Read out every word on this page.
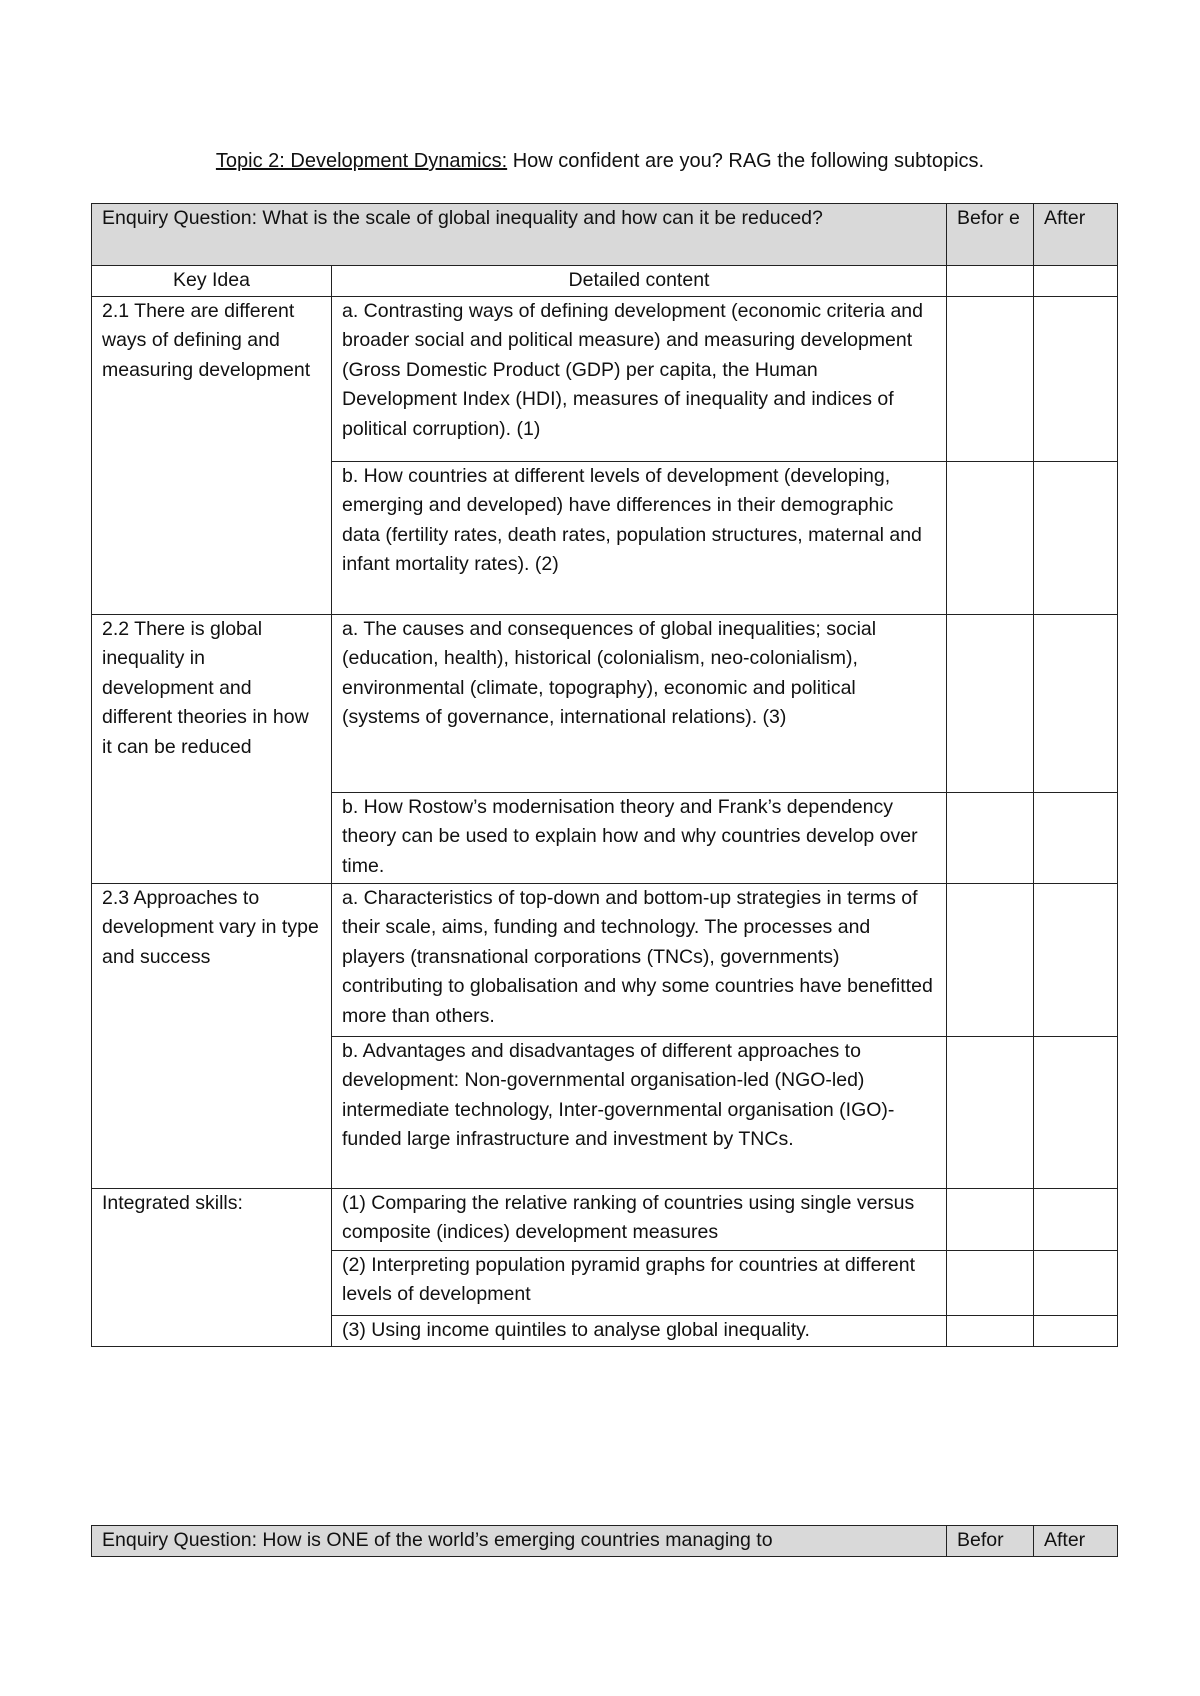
Topic 2: Development Dynamics: How confident are you? RAG the following subtopics.
Enquiry Question: What is the scale of global inequality and how can it be reduced?		Befor e	After
Key Idea	Detailed content		
2.1 There are different ways of defining and measuring development	a. Contrasting ways of defining development (economic criteria and broader social and political measure) and measuring development (Gross Domestic Product (GDP) per capita, the Human Development Index (HDI), measures of inequality and indices of political corruption). (1)		
	b. How countries at different levels of development (developing, emerging and developed) have differences in their demographic data (fertility rates, death rates, population structures, maternal and infant mortality rates). (2)		
2.2 There is global inequality in development and different theories in how it can be reduced	a. The causes and consequences of global inequalities; social (education, health), historical (colonialism, neo-colonialism), environmental (climate, topography), economic and political (systems of governance, international relations). (3)		
	b. How Rostow’s modernisation theory and Frank’s dependency theory can be used to explain how and why countries develop over time.		
2.3 Approaches to development vary in type and success	a. Characteristics of top-down and bottom-up strategies in terms of their scale, aims, funding and technology. The processes and players (transnational corporations (TNCs), governments) contributing to globalisation and why some countries have benefitted more than others.		
	b. Advantages and disadvantages of different approaches to development: Non-governmental organisation-led (NGO-led) intermediate technology, Inter-governmental organisation (IGO)-funded large infrastructure and investment by TNCs.		
Integrated skills:	(1) Comparing the relative ranking of countries using single versus composite (indices) development measures		
	(2) Interpreting population pyramid graphs for countries at different levels of development		
	(3) Using income quintiles to analyse global inequality.		
Enquiry Question: How is ONE of the world’s emerging countries managing to	Befor	After
